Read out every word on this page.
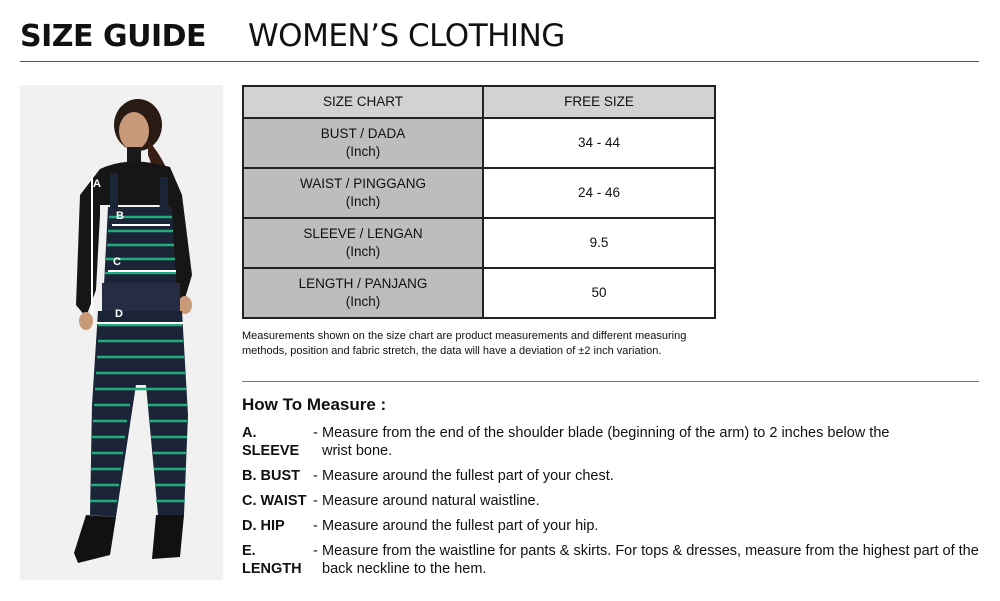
SIZE GUIDE WOMEN’S CLOTHING
A
B
C
D
SIZE CHART	FREE SIZE
BUST / DADA
(Inch)	34 - 44
WAIST / PINGGANG
(Inch)	24 - 46
SLEEVE / LENGAN
(Inch)	9.5
LENGTH / PANJANG
(Inch)	50
Measurements shown on the size chart are product measurements and different measuring
methods, position and fabric stretch, the data will have a deviation of ±2 inch variation.
How To Measure :
A. SLEEVE
- Measure from the end of the shoulder blade (beginning of the arm) to 2 inches below the wrist bone.
B. BUST - Measure around the fullest part of your chest.
C. WAIST - Measure around natural waistline.
D. HIP	- Measure around the fullest part of your hip.
E. LENGTH
- Measure from the waistline for pants & skirts. For tops & dresses, measure from the highest part of the back neckline to the hem.
